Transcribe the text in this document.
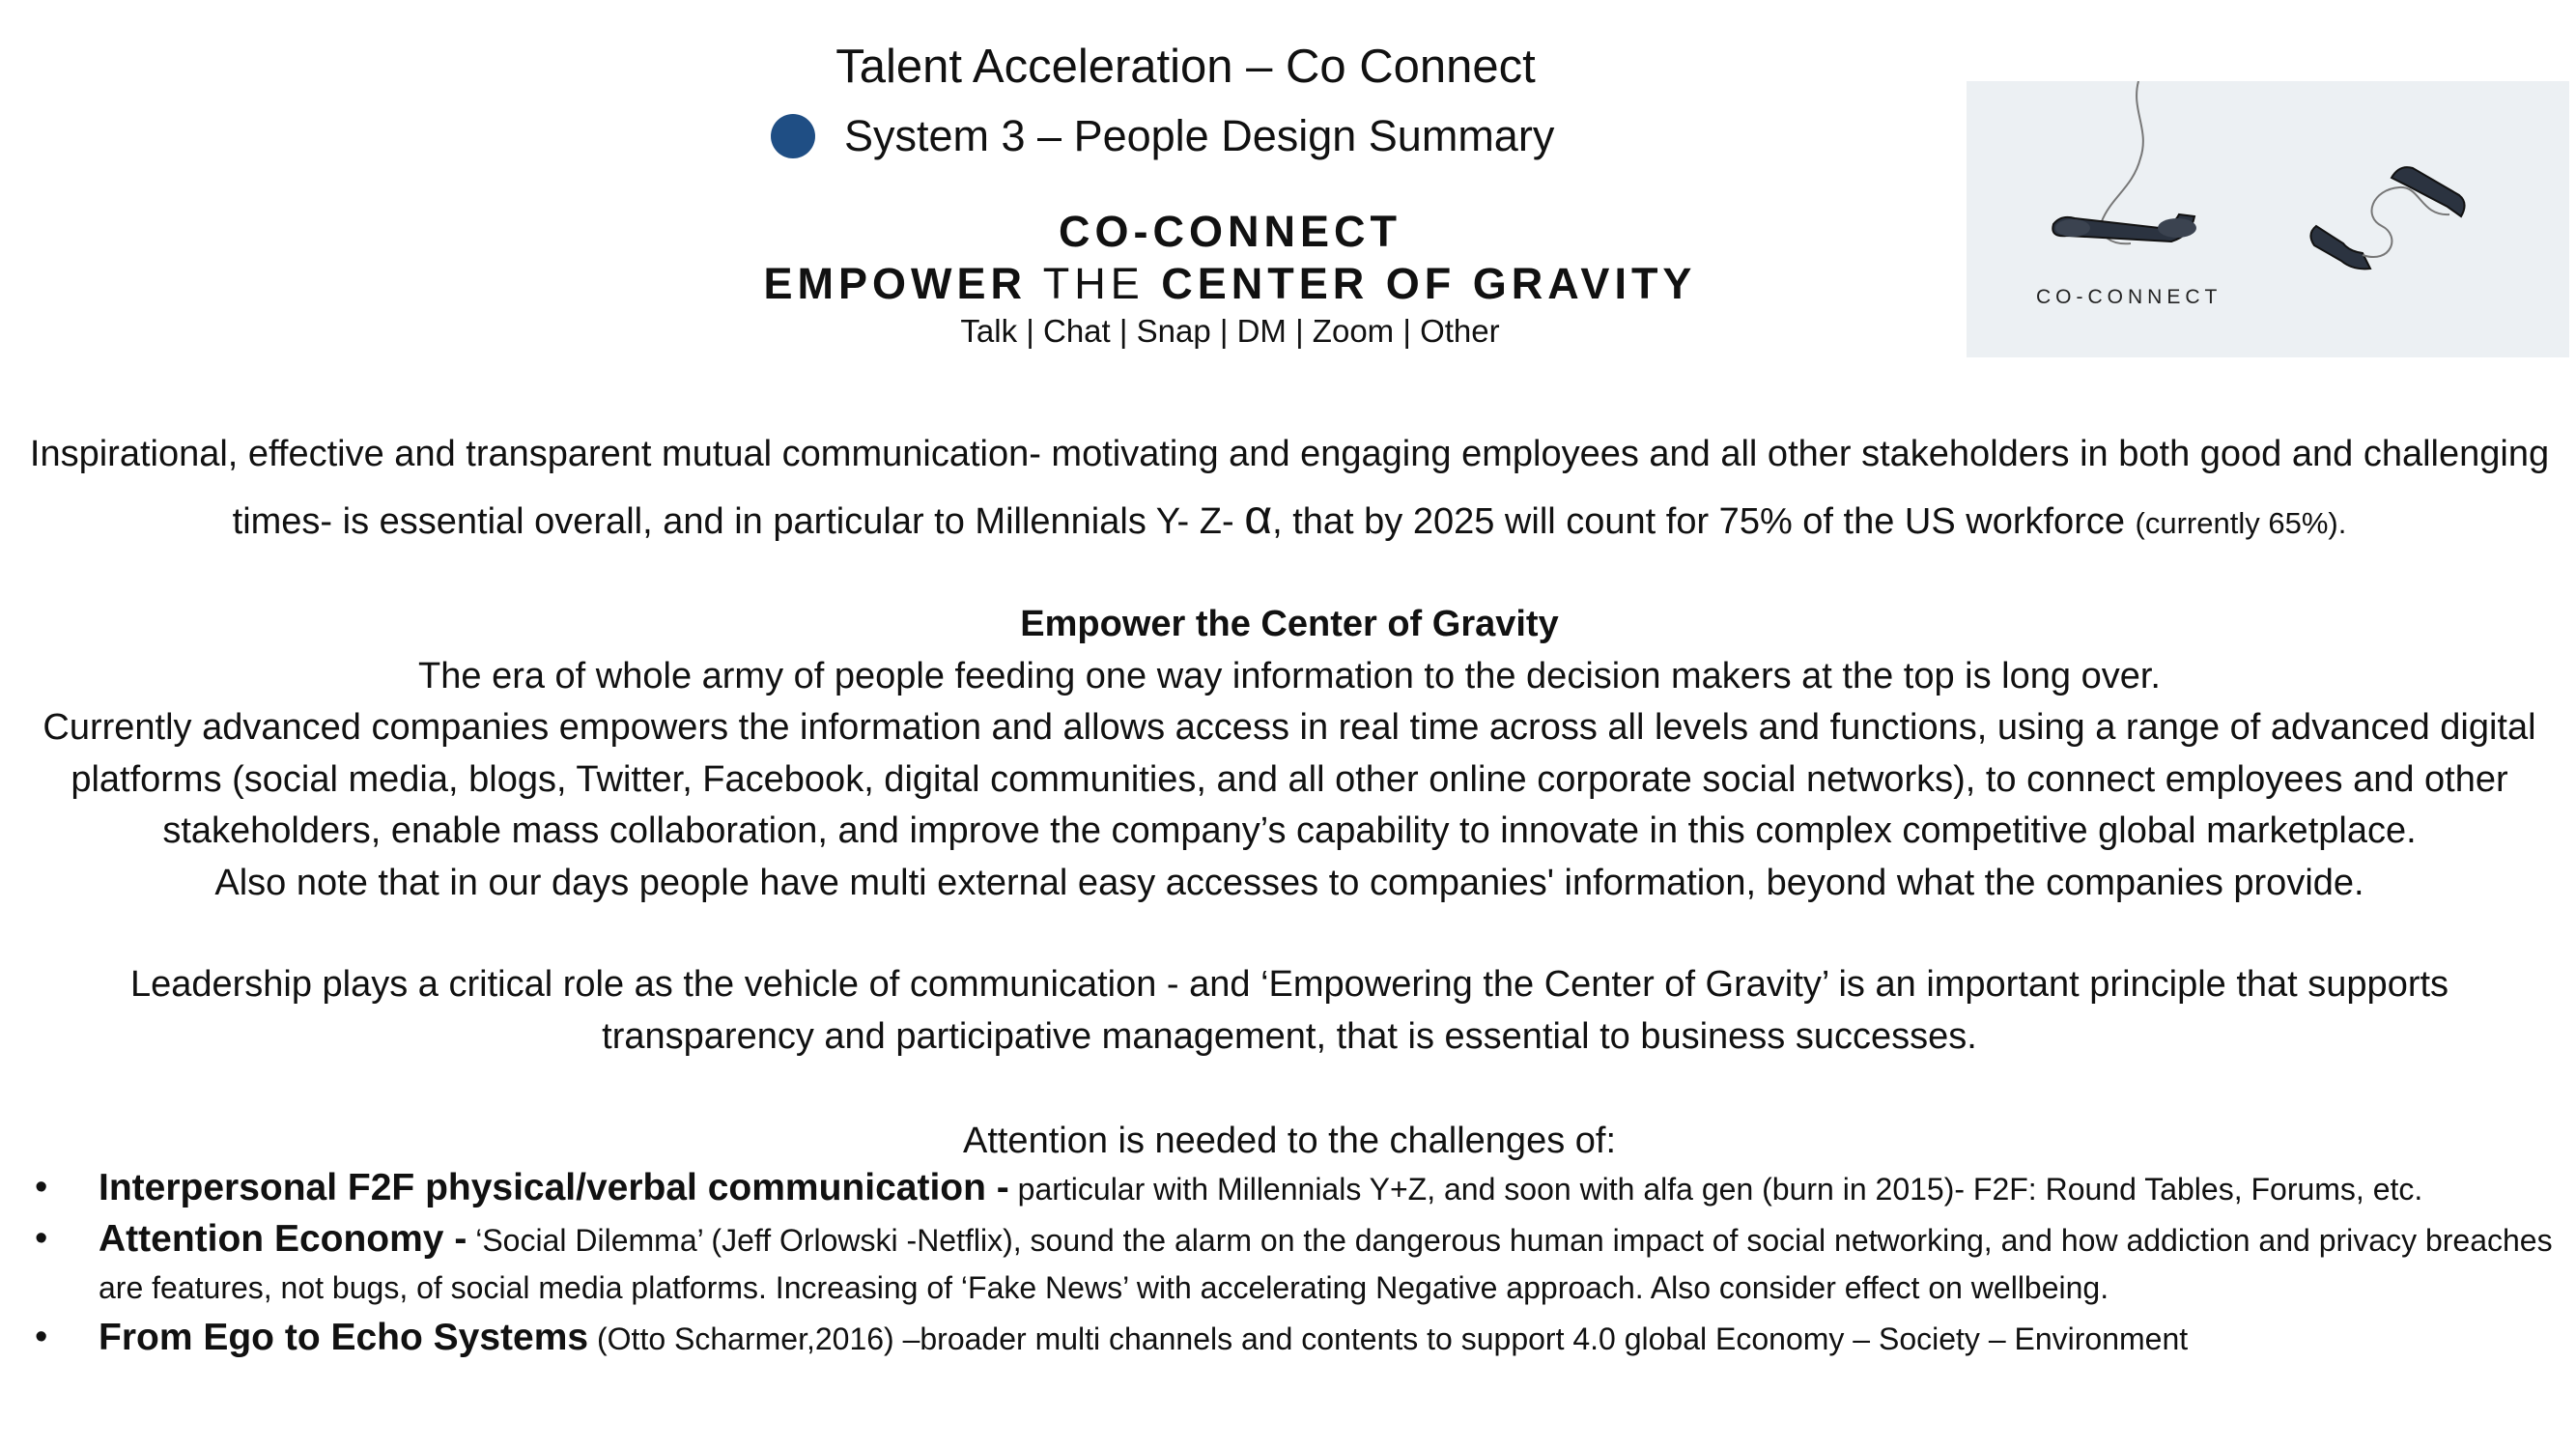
Talent Acceleration – Co Connect
System 3 – People Design Summary
CO-CONNECT
EMPOWER THE CENTER OF GRAVITY
Talk | Chat | Snap | DM | Zoom | Other
CO-CONNECT
Inspirational, effective and transparent mutual communication- motivating and engaging employees and all other stakeholders in both good and challenging times- is essential overall, and in particular to Millennials Y- Z- α, that by 2025 will count for 75% of the US workforce (currently 65%).
Empower the Center of Gravity
The era of whole army of people feeding one way information to the decision makers at the top is long over.
Currently advanced companies empowers the information and allows access in real time across all levels and functions, using a range of advanced digital platforms (social media, blogs, Twitter, Facebook, digital communities, and all other online corporate social networks), to connect employees and other stakeholders, enable mass collaboration, and improve the company’s capability to innovate in this complex competitive global marketplace.
Also note that in our days people have multi external easy accesses to companies' information, beyond what the companies provide.
Leadership plays a critical role as the vehicle of communication - and ‘Empowering the Center of Gravity’ is an important principle that supports transparency and participative management, that is essential to business successes.
Attention is needed to the challenges of:
• Interpersonal F2F physical/verbal communication - particular with Millennials Y+Z, and soon with alfa gen (burn in 2015)- F2F: Round Tables, Forums, etc.
• Attention Economy - ‘Social Dilemma’ (Jeff Orlowski -Netflix), sound the alarm on the dangerous human impact of social networking, and how addiction and privacy breaches are features, not bugs, of social media platforms. Increasing of ‘Fake News’ with accelerating Negative approach. Also consider effect on wellbeing.
• From Ego to Echo Systems (Otto Scharmer,2016) –broader multi channels and contents to support 4.0 global Economy – Society – Environment
